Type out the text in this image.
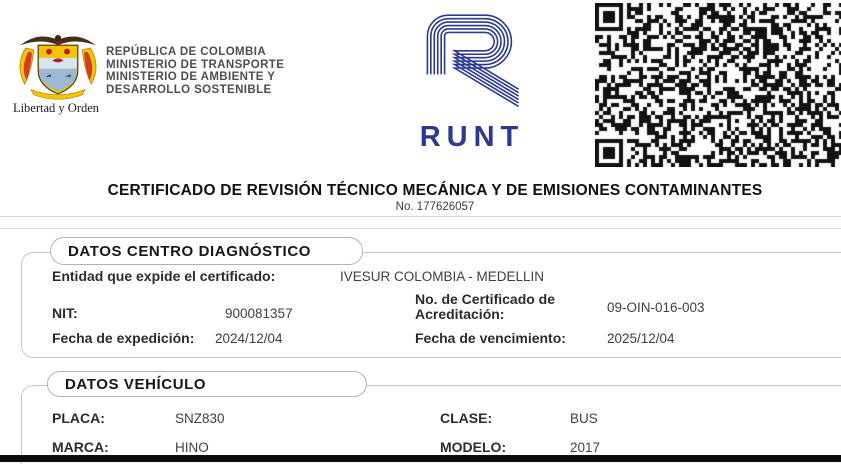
Libertad y Orden
REPÚBLICA DE COLOMBIA
MINISTERIO DE TRANSPORTE
MINISTERIO DE AMBIENTE Y
DESARROLLO SOSTENIBLE
RUNT
CERTIFICADO DE REVISIÓN TÉCNICO MECÁNICA Y DE EMISIONES CONTAMINANTES
No. 177626057
DATOS CENTRO DIAGNÓSTICO
Entidad que expide el certificado:	IVESUR COLOMBIA - MEDELLIN
NIT:	900081357
No. de Certificado de Acreditación:	09-OIN-016-003
Fecha de expedición: 2024/12/04	Fecha de vencimiento:	2025/12/04
DATOS VEHÍCULO
PLACA:	SNZ830	CLASE:	BUS
MARCA:	HINO	MODELO:	2017
